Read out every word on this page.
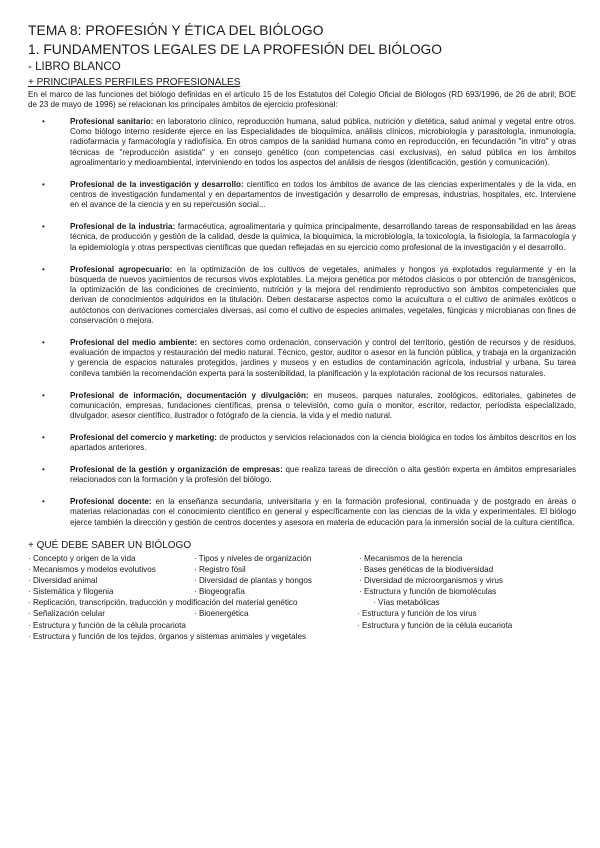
TEMA 8: PROFESIÓN Y ÉTICA DEL BIÓLOGO
1. FUNDAMENTOS LEGALES DE LA PROFESIÓN DEL BIÓLOGO
- LIBRO BLANCO
+ PRINCIPALES PERFILES PROFESIONALES

En el marco de las funciones del biólogo definidas en el artículo 15 de los Estatutos del Colegio Oficial de Biólogos (RD 693/1996, de 26 de abril; BOE de 23 de mayo de 1996) se relacionan los principales ámbitos de ejercicio profesional:

•	Profesional sanitario: en laboratorio clínico, reproducción humana, salud pública, nutrición y dietética, salud animal y vegetal entre otros. Como biólogo interno residente ejerce en las Especialidades de bioquímica, análisis clínicos, microbiología y parasitología, inmunología, radiofarmacia y farmacología y radiofísica. En otros campos de la sanidad humana como en reproducción, en fecundación "in vitro" y otras técnicas de "reproducción asistida" y en consejo genético (con competencias casi exclusivas), en salud pública en los ámbitos agroalimentario y medioambiental, interviniendo en todos los aspectos del análisis de riesgos (identificación, gestión y comunicación).
•	Profesional de la investigación y desarrollo: científico en todos los ámbitos de avance de las ciencias experimentales y de la vida, en centros de investigación fundamental y en departamentos de investigación y desarrollo de empresas, industrias, hospitales, etc. Interviene en el avance de la ciencia y en su repercusión social...
•	Profesional de la industria: farmacéutica, agroalimentaria y química principalmente, desarrollando tareas de responsabilidad en las áreas técnica, de producción y gestión de la calidad, desde la química, la bioquímica, la microbiología, la toxicología, la fisiología, la farmacología y la epidemiología y otras perspectivas científicas que quedan reflejadas en su ejercicio como profesional de la investigación y el desarrollo.
•	Profesional agropecuario: en la optimización de los cultivos de vegetales, animales y hongos ya explotados regularmente y en la búsqueda de nuevos yacimientos de recursos vivos explotables. La mejora genética por métodos clásicos o por obtención de transgénicos, la optimización de las condiciones de crecimiento, nutrición y la mejora del rendimiento reproductivo son ámbitos competenciales que derivan de conocimientos adquiridos en la titulación. Deben destacarse aspectos como la acuicultura o el cultivo de animales exóticos o autóctonos con derivaciones comerciales diversas, así como el cultivo de especies animales, vegetales, fúngicas y microbianas con fines de conservación o mejora.
•	Profesional del medio ambiente: en sectores como ordenación, conservación y control del territorio, gestión de recursos y de residuos, evaluación de impactos y restauración del medio natural. Técnico, gestor, auditor o asesor en la función pública, y trabaja en la organización y gerencia de espacios naturales protegidos, jardines y museos y en estudios de contaminación agrícola, industrial y urbana. Su tarea conlleva también la recomendación experta para la sostenibilidad, la planificación y la explotación racional de los recursos naturales.
•	Profesional de información, documentación y divulgación: en museos, parques naturales, zoológicos, editoriales, gabinetes de comunicación, empresas, fundaciones científicas, prensa o televisión, como guía o monitor, escritor, redactor, periodista especializado, divulgador, asesor científico, ilustrador o fotógrafo de la ciencia, la vida y el medio natural.
•	Profesional del comercio y marketing: de productos y servicios relacionados con la ciencia biológica en todos los ámbitos descritos en los apartados anteriores.
•	Profesional de la gestión y organización de empresas: que realiza tareas de dirección o alta gestión experta en ámbitos empresariales relacionados con la formación y la profesión del biólogo.
•	Profesional docente: en la enseñanza secundaria, universitaria y en la formación profesional, continuada y de postgrado en áreas o materias relacionadas con el conocimiento científico en general y específicamente con las ciencias de la vida y experimentales. El biólogo ejerce también la dirección y gestión de centros docentes y asesora en materia de educación para la inmersión social de la cultura científica.
+ QUÉ DEBE SABER UN BIÓLOGO
· Concepto y origen de la vida	· Tipos y niveles de organización	· Mecanismos de la herencia
· Mecanismos y modelos evolutivos	· Registro fósil	· Bases genéticas de la biodiversidad
· Diversidad animal	· Diversidad de plantas y hongos	· Diversidad de microorganismos y virus
· Sistemática y filogenia	· Biogeografía	· Estructura y función de biomoléculas
· Replicación, transcripción, traducción y modificación del material genético	· Vías metabólicas
· Señalización celular	· Bioenergética	· Estructura y función de los virus
· Estructura y función de la célula procariota	· Estructura y función de la célula eucariota
· Estructura y función de los tejidos, órganos y sistemas animales y vegetales
